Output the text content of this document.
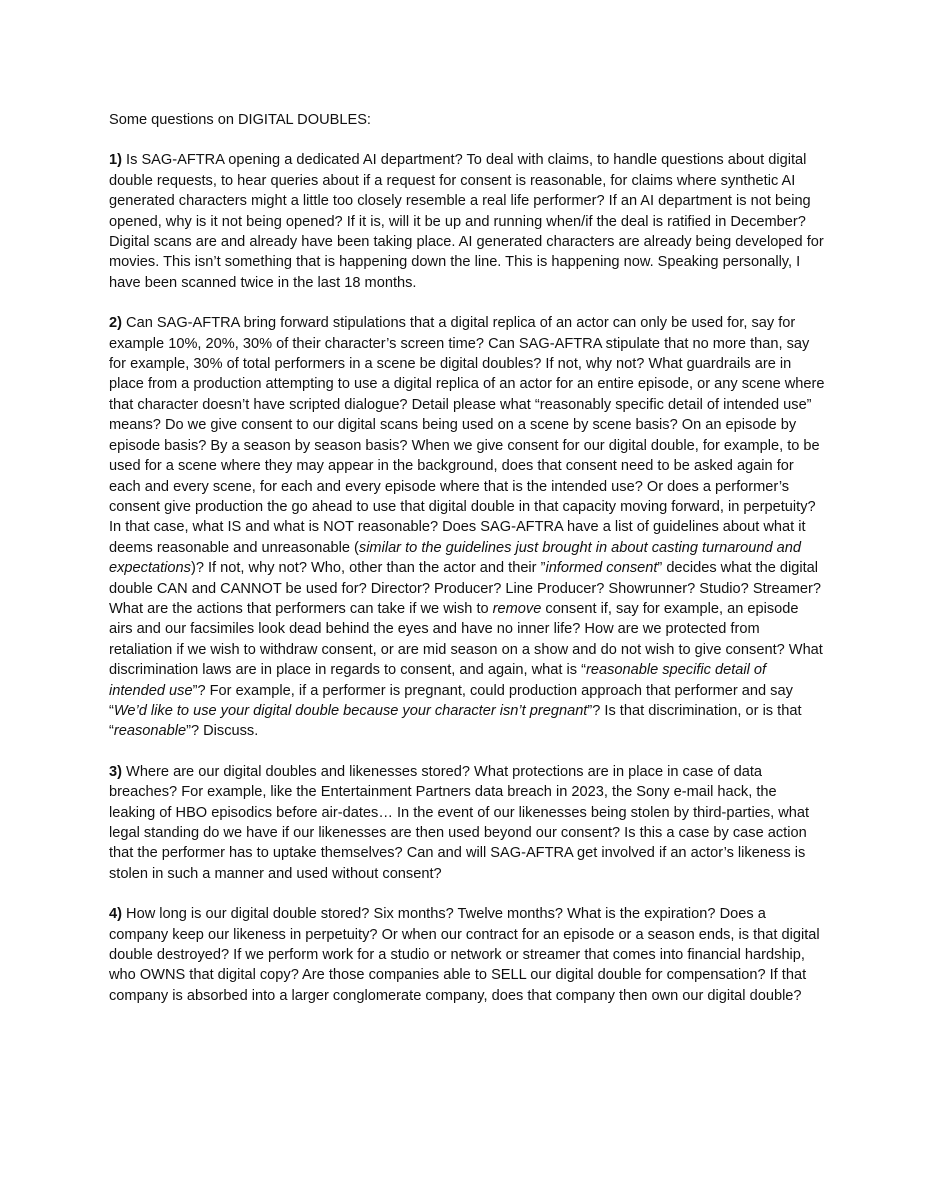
Some questions on DIGITAL DOUBLES:

1) Is SAG-AFTRA opening a dedicated AI department? To deal with claims, to handle questions about digital double requests, to hear queries about if a request for consent is reasonable, for claims where synthetic AI generated characters might a little too closely resemble a real life performer? If an AI department is not being opened, why is it not being opened? If it is, will it be up and running when/if the deal is ratified in December? Digital scans are and already have been taking place. AI generated characters are already being developed for movies. This isn’t something that is happening down the line. This is happening now. Speaking personally, I have been scanned twice in the last 18 months.

2) Can SAG-AFTRA bring forward stipulations that a digital replica of an actor can only be used for, say for example 10%, 20%, 30% of their character’s screen time? Can SAG-AFTRA stipulate that no more than, say for example, 30% of total performers in a scene be digital doubles? If not, why not? What guardrails are in place from a production attempting to use a digital replica of an actor for an entire episode, or any scene where that character doesn’t have scripted dialogue? Detail please what “reasonably specific detail of intended use” means? Do we give consent to our digital scans being used on a scene by scene basis? On an episode by episode basis? By a season by season basis? When we give consent for our digital double, for example, to be used for a scene where they may appear in the background, does that consent need to be asked again for each and every scene, for each and every episode where that is the intended use? Or does a performer’s consent give production the go ahead to use that digital double in that capacity moving forward, in perpetuity? In that case, what IS and what is NOT reasonable? Does SAG-AFTRA have a list of guidelines about what it deems reasonable and unreasonable (similar to the guidelines just brought in about casting turnaround and expectations)? If not, why not? Who, other than the actor and their ”informed consent” decides what the digital double CAN and CANNOT be used for? Director? Producer? Line Producer? Showrunner? Studio? Streamer? What are the actions that performers can take if we wish to remove consent if, say for example, an episode airs and our facsimiles look dead behind the eyes and have no inner life? How are we protected from retaliation if we wish to withdraw consent, or are mid season on a show and do not wish to give consent? What discrimination laws are in place in regards to consent, and again, what is “reasonable specific detail of intended use”? For example, if a performer is pregnant, could production approach that performer and say “We’d like to use your digital double because your character isn’t pregnant”? Is that discrimination, or is that “reasonable”? Discuss.

3) Where are our digital doubles and likenesses stored? What protections are in place in case of data breaches? For example, like the Entertainment Partners data breach in 2023, the Sony e-mail hack, the leaking of HBO episodics before air-dates… In the event of our likenesses being stolen by third-parties, what legal standing do we have if our likenesses are then used beyond our consent? Is this a case by case action that the performer has to uptake themselves? Can and will SAG-AFTRA get involved if an actor’s likeness is stolen in such a manner and used without consent?

4) How long is our digital double stored? Six months? Twelve months? What is the expiration? Does a company keep our likeness in perpetuity? Or when our contract for an episode or a season ends, is that digital double destroyed? If we perform work for a studio or network or streamer that comes into financial hardship, who OWNS that digital copy? Are those companies able to SELL our digital double for compensation? If that company is absorbed into a larger conglomerate company, does that company then own our digital double?
